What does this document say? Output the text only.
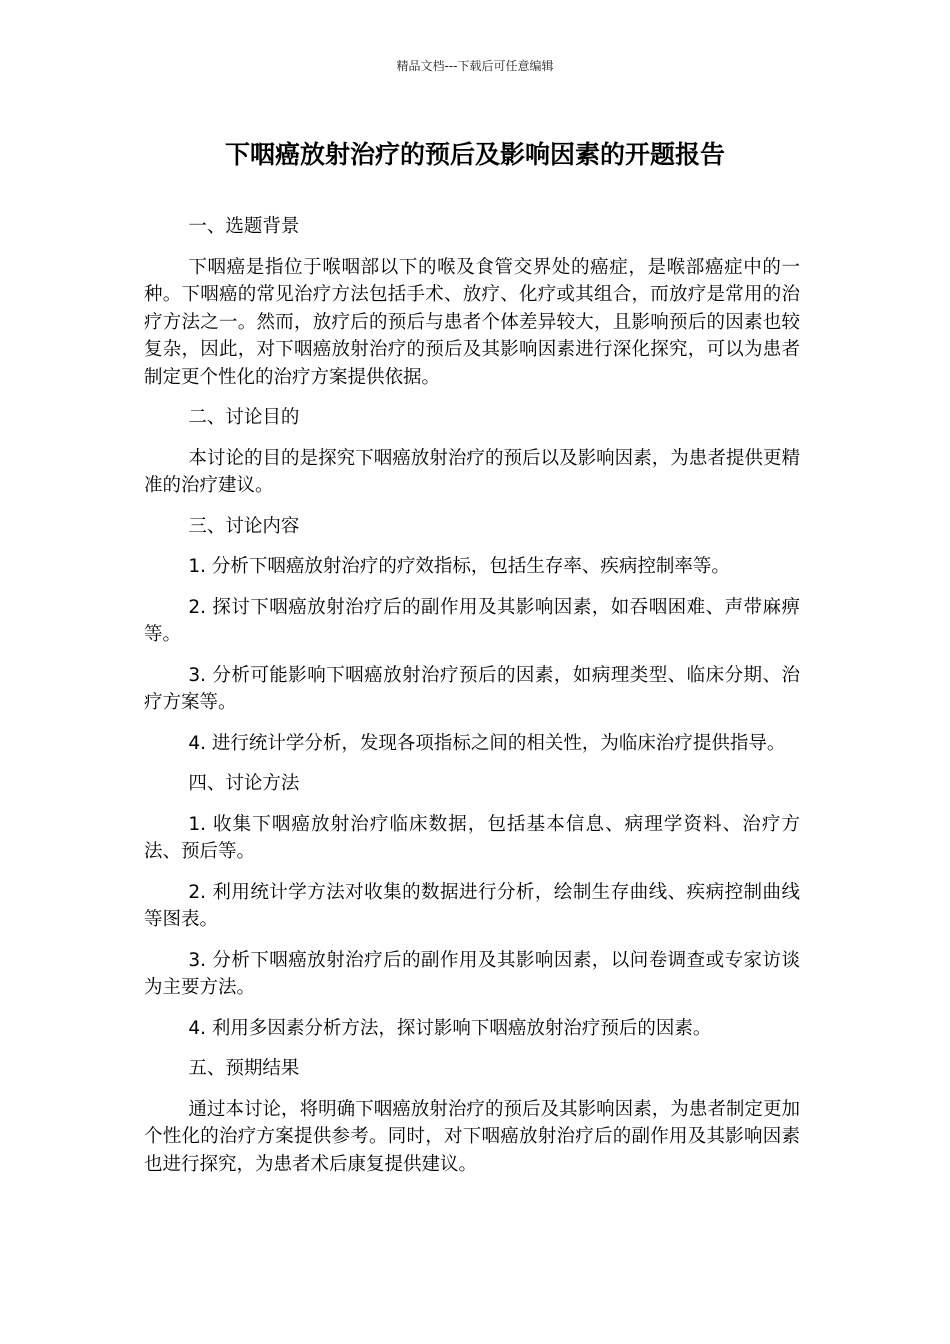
精品文档---下载后可任意编辑
下咽癌放射治疗的预后及影响因素的开题报告

一、选题背景

下咽癌是指位于喉咽部以下的喉及食管交界处的癌症，是喉部癌症中的一种。下咽癌的常见治疗方法包括手术、放疗、化疗或其组合，而放疗是常用的治疗方法之一。然而，放疗后的预后与患者个体差异较大，且影响预后的因素也较复杂，因此，对下咽癌放射治疗的预后及其影响因素进行深化探究，可以为患者制定更个性化的治疗方案提供依据。

二、讨论目的

本讨论的目的是探究下咽癌放射治疗的预后以及影响因素，为患者提供更精准的治疗建议。

三、讨论内容

1. 分析下咽癌放射治疗的疗效指标，包括生存率、疾病控制率等。

2. 探讨下咽癌放射治疗后的副作用及其影响因素，如吞咽困难、声带麻痹等。

3. 分析可能影响下咽癌放射治疗预后的因素，如病理类型、临床分期、治疗方案等。

4. 进行统计学分析，发现各项指标之间的相关性，为临床治疗提供指导。

四、讨论方法

1. 收集下咽癌放射治疗临床数据，包括基本信息、病理学资料、治疗方法、预后等。

2. 利用统计学方法对收集的数据进行分析，绘制生存曲线、疾病控制曲线等图表。

3. 分析下咽癌放射治疗后的副作用及其影响因素，以问卷调查或专家访谈为主要方法。

4. 利用多因素分析方法，探讨影响下咽癌放射治疗预后的因素。

五、预期结果

通过本讨论，将明确下咽癌放射治疗的预后及其影响因素，为患者制定更加个性化的治疗方案提供参考。同时，对下咽癌放射治疗后的副作用及其影响因素也进行探究，为患者术后康复提供建议。
